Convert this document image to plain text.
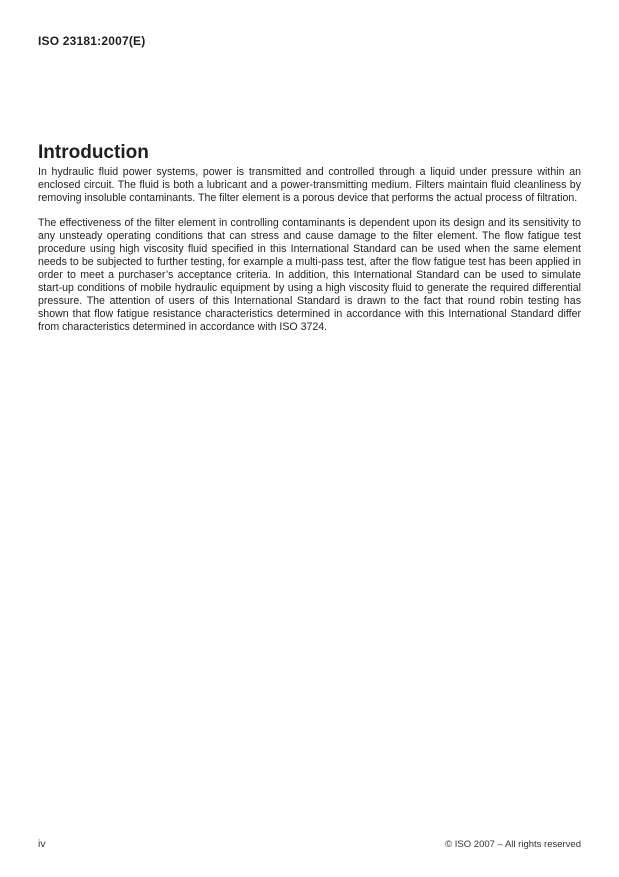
ISO 23181:2007(E)
Introduction

In hydraulic fluid power systems, power is transmitted and controlled through a liquid under pressure within an enclosed circuit. The fluid is both a lubricant and a power-transmitting medium. Filters maintain fluid cleanliness by removing insoluble contaminants. The filter element is a porous device that performs the actual process of filtration.

The effectiveness of the filter element in controlling contaminants is dependent upon its design and its sensitivity to any unsteady operating conditions that can stress and cause damage to the filter element. The flow fatigue test procedure using high viscosity fluid specified in this International Standard can be used when the same element needs to be subjected to further testing, for example a multi-pass test, after the flow fatigue test has been applied in order to meet a purchaser’s acceptance criteria. In addition, this International Standard can be used to simulate start-up conditions of mobile hydraulic equipment by using a high viscosity fluid to generate the required differential pressure. The attention of users of this International Standard is drawn to the fact that round robin testing has shown that flow fatigue resistance characteristics determined in accordance with this International Standard differ from characteristics determined in accordance with ISO 3724.

iv	© ISO 2007 – All rights reserved
